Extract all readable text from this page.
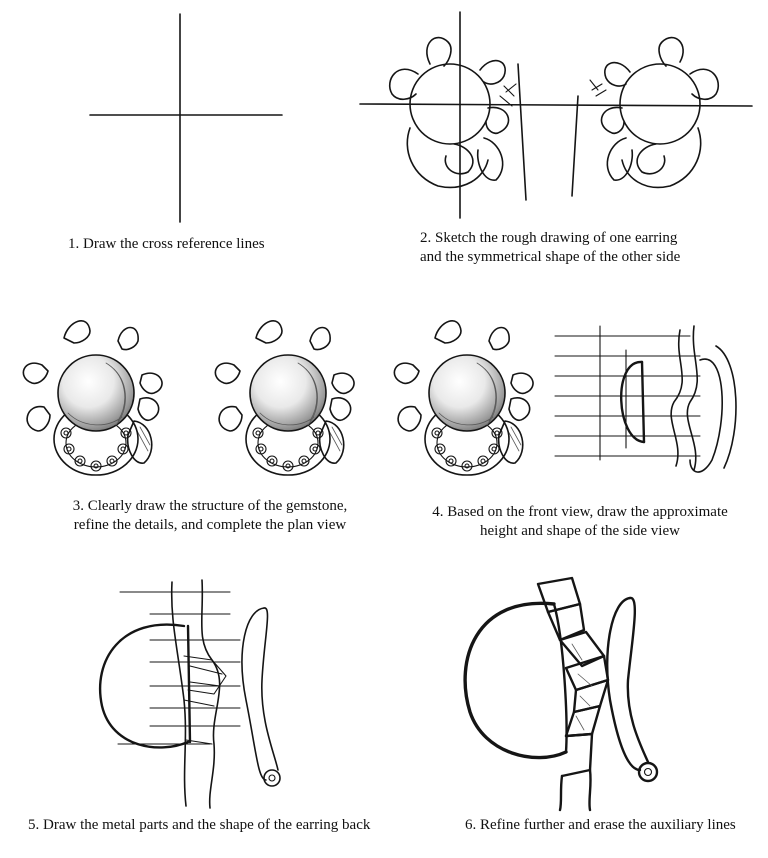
1. Draw the cross reference lines	2. Sketch the rough drawing of one earring
and the symmetrical shape of the other side
3. Clearly draw the structure of the gemstone,
refine the details, and complete the plan view
4. Based on the front view, draw the approximate
height and shape of the side view
5. Draw the metal parts and the shape of the earring back	6. Refine further and erase the auxiliary lines
